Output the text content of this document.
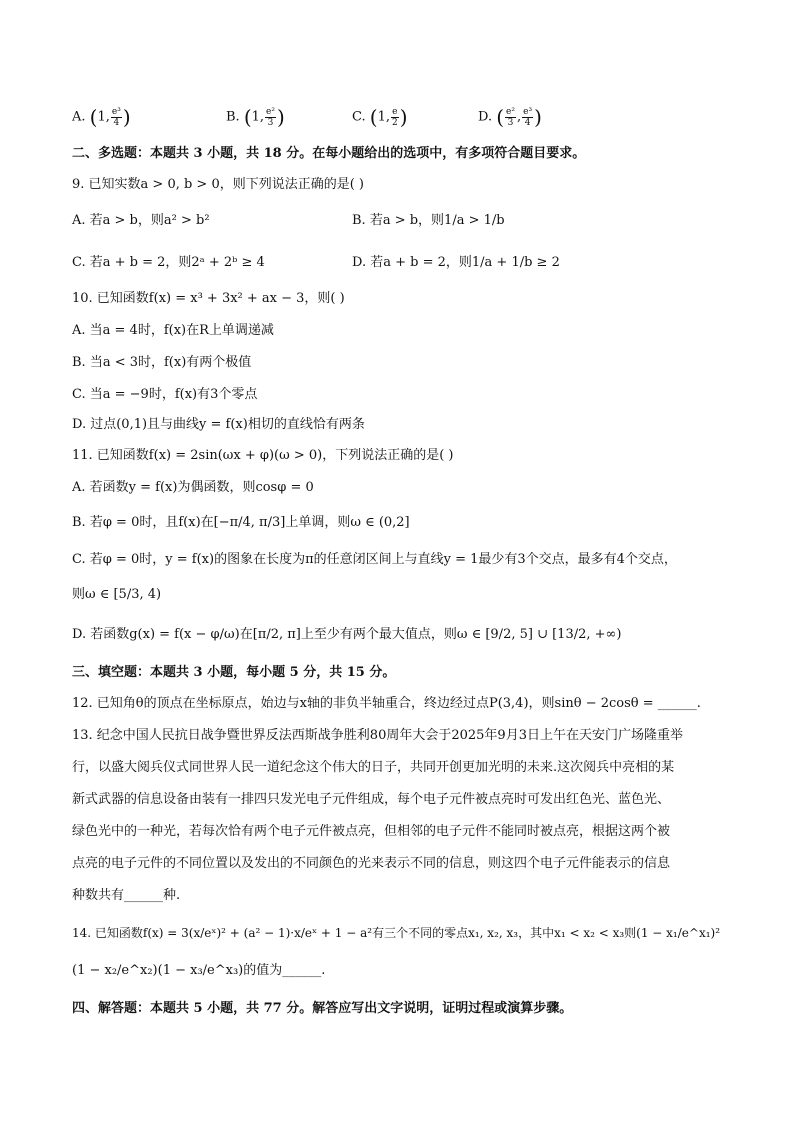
A. (1, $\frac{\text{e³}}{4}$ )	B. (1, $\frac{\text{e²}}{3}$ )	C. (1, $\frac{e}{2}$ )	D. ( $\frac{\text{e²}}{3}$ , $\frac{\text{e³}}{4}$ )
二、多选题：本题共 3 小题，共 18 分。在每小题给出的选项中，有多项符合题目要求。
9. 已知实数a > 0, b > 0，则下列说法正确的是( )
A. 若a > b，则a² > b²	B. 若a > b，则1/a > 1/b
C. 若a + b = 2，则2ᵃ + 2ᵇ ≥ 4	D. 若a + b = 2，则1/a + 1/b ≥ 2
10. 已知函数f(x) = x³ + 3x² + ax − 3，则( )
A. 当a = 4时，f(x)在R上单调递减
B. 当a < 3时，f(x)有两个极值
C. 当a = −9时，f(x)有3个零点
D. 过点(0,1)且与曲线y = f(x)相切的直线恰有两条
11. 已知函数f(x) = 2sin(ωx + φ)(ω > 0)，下列说法正确的是( )
A. 若函数y = f(x)为偶函数，则cosφ = 0
B. 若φ = 0时，且f(x)在[−π/4, π/3]上单调，则ω ∈ (0,2]
C. 若φ = 0时，y = f(x)的图象在长度为π的任意闭区间上与直线y = 1最少有3个交点，最多有4个交点，
则ω ∈ [5/3, 4)
D. 若函数g(x) = f(x − φ/ω)在[π/2, π]上至少有两个最大值点，则ω ∈ [9/2, 5] ∪ [13/2, +∞)
三、填空题：本题共 3 小题，每小题 5 分，共 15 分。
12. 已知角θ的顶点在坐标原点，始边与x轴的非负半轴重合，终边经过点P(3,4)，则sinθ − 2cosθ = ______.
13. 纪念中国人民抗日战争暨世界反法西斯战争胜利80周年大会于2025年9月3日上午在天安门广场隆重举
行，以盛大阅兵仪式同世界人民一道纪念这个伟大的日子，共同开创更加光明的未来.这次阅兵中亮相的某
新式武器的信息设备由装有一排四只发光电子元件组成，每个电子元件被点亮时可发出红色光、蓝色光、
绿色光中的一种光，若每次恰有两个电子元件被点亮，但相邻的电子元件不能同时被点亮，根据这两个被
点亮的电子元件的不同位置以及发出的不同颜色的光来表示不同的信息，则这四个电子元件能表示的信息
种数共有______种.
14. 已知函数f(x) = 3(x/eˣ)² + (a² − 1)·x/eˣ + 1 − a²有三个不同的零点x₁, x₂, x₃，其中x₁ < x₂ < x₃则(1 − x₁/e^x₁)²
(1 − x₂/e^x₂)(1 − x₃/e^x₃)的值为______.
四、解答题：本题共 5 小题，共 77 分。解答应写出文字说明，证明过程或演算步骤。
